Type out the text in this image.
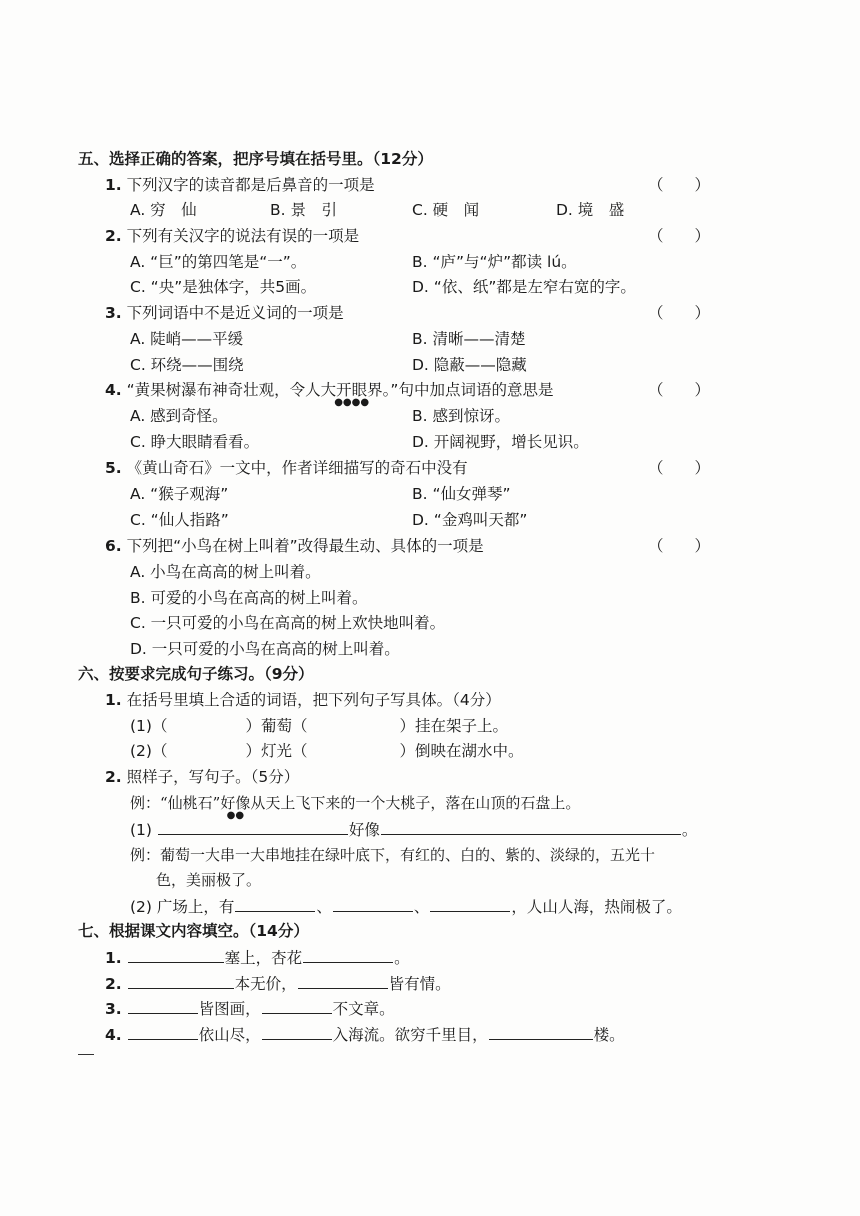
五、选择正确的答案，把序号填在括号里。（12分）
1. 下列汉字的读音都是后鼻音的一项是	（　　）
A. 穷　仙	B. 景　引	C. 硬　闻	D. 境　盛
2. 下列有关汉字的说法有误的一项是	（　　）
A. “巨”的第四笔是“一”。	B. “庐”与“炉”都读 lú。
C. “央”是独体字，共5画。	D. “依、纸”都是左窄右宽的字。
3. 下列词语中不是近义词的一项是	（　　）
A. 陡峭——平缓	B. 清晰——清楚
C. 环绕——围绕	D. 隐蔽——隐藏
4. “黄果树瀑布神奇壮观，令人大开眼界
●●●●
。”句中加点词语的意思是	（　　）
A. 感到奇怪。	B. 感到惊讶。
C. 睁大眼睛看看。	D. 开阔视野，增长见识。
5. 《黄山奇石》一文中，作者详细描写的奇石中没有	（　　）
A. “猴子观海”	B. “仙女弹琴”
C. “仙人指路”	D. “金鸡叫天都”
6. 下列把“小鸟在树上叫着”改得最生动、具体的一项是	（　　）
A. 小鸟在高高的树上叫着。
B. 可爱的小鸟在高高的树上叫着。
C. 一只可爱的小鸟在高高的树上欢快地叫着。
D. 一只可爱的小鸟在高高的树上叫着。
六、按要求完成句子练习。（9分）
1. 在括号里填上合适的词语，把下列句子写具体。（4分）
(1)（	）葡萄（	）挂在架子上。
(2)（	）灯光（	）倒映在湖水中。
2. 照样子，写句子。（5分）
例：“仙桃石”好像
●●
从天上飞下来的一个大桃子，落在山顶的石盘上。
(1)	好像	。
例：葡萄一大串一大串地挂在绿叶底下，有红的、白的、紫的、淡绿的，五光十
色，美丽极了。
(2) 广场上，有	、	、	，人山人海，热闹极了。
七、根据课文内容填空。（14分）
1.	塞上，杏花	。
2.	本无价，	皆有情。
3.	皆图画，	不文章。
4.	依山尽，	入海流。欲穷千里目，	楼。
